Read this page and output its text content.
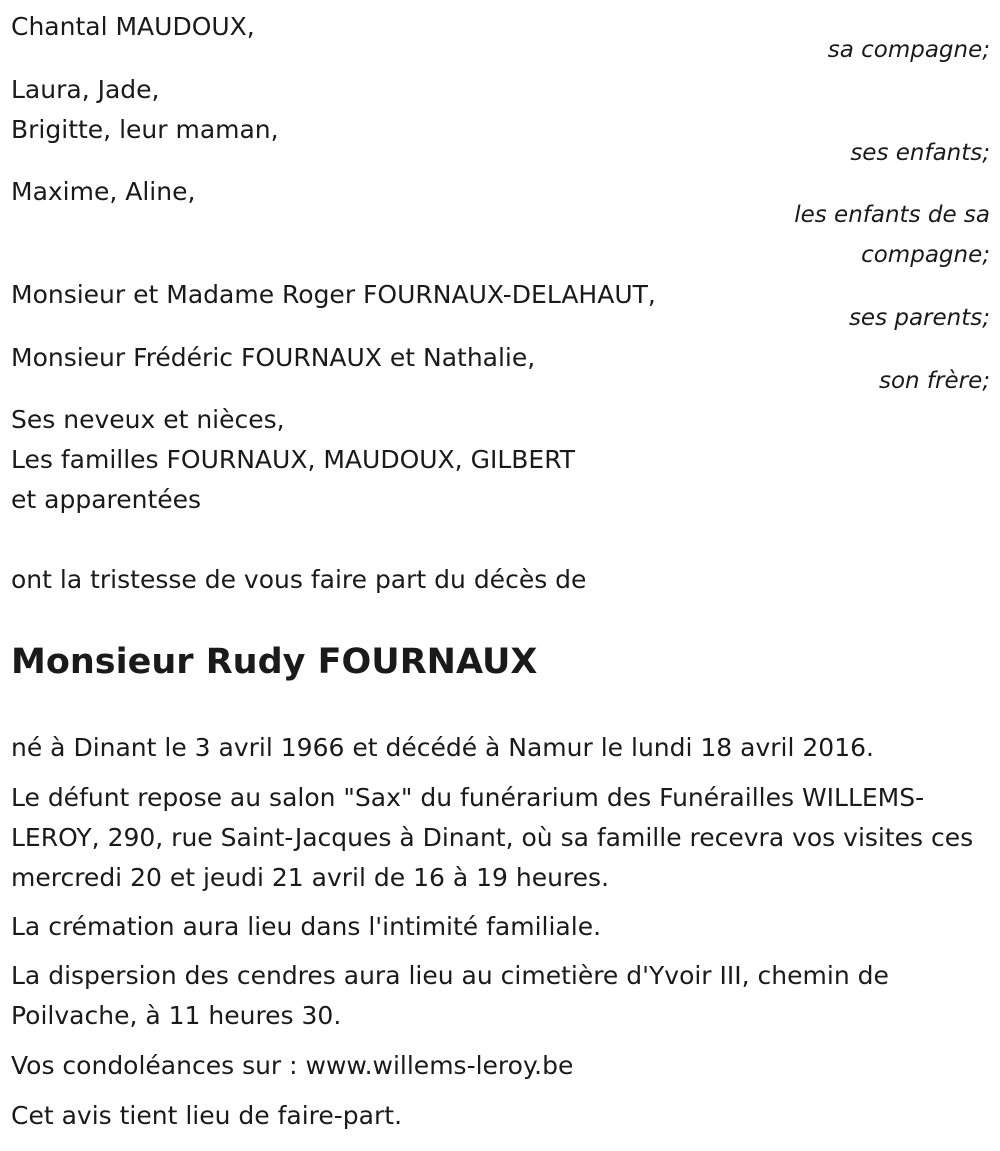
Chantal MAUDOUX,
sa compagne;
Laura, Jade,
Brigitte, leur maman,
ses enfants;
Maxime, Aline,
les enfants de sa
compagne;
Monsieur et Madame Roger FOURNAUX-DELAHAUT,
ses parents;
Monsieur Frédéric FOURNAUX et Nathalie,
son frère;
Ses neveux et nièces,
Les familles FOURNAUX, MAUDOUX, GILBERT
et apparentées
ont la tristesse de vous faire part du décès de
Monsieur Rudy FOURNAUX
né à Dinant le 3 avril 1966 et décédé à Namur le lundi 18 avril 2016.
Le défunt repose au salon "Sax" du funérarium des Funérailles WILLEMS-LEROY, 290, rue Saint-Jacques à Dinant, où sa famille recevra vos visites ces mercredi 20 et jeudi 21 avril de 16 à 19 heures.
La crémation aura lieu dans l'intimité familiale.
La dispersion des cendres aura lieu au cimetière d'Yvoir III, chemin de Poilvache, à 11 heures 30.
Vos condoléances sur : www.willems-leroy.be
Cet avis tient lieu de faire-part.
